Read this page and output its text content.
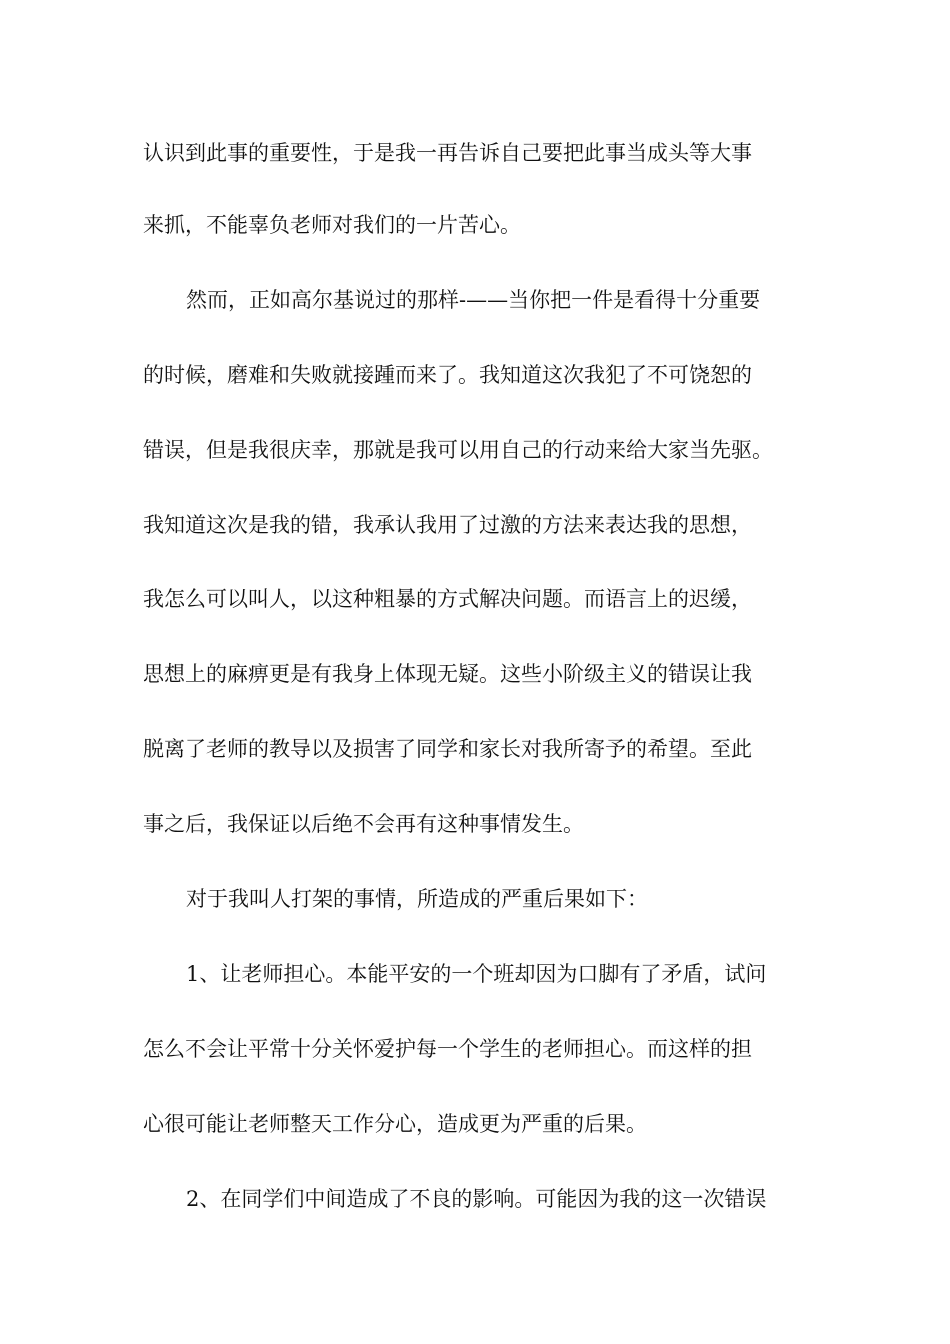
认识到此事的重要性，于是我一再告诉自己要把此事当成头等大事

来抓，不能辜负老师对我们的一片苦心。

然而，正如高尔基说过的那样-——当你把一件是看得十分重要

的时候，磨难和失败就接踵而来了。我知道这次我犯了不可饶恕的

错误，但是我很庆幸，那就是我可以用自己的行动来给大家当先驱。

我知道这次是我的错，我承认我用了过激的方法来表达我的思想，

我怎么可以叫人，以这种粗暴的方式解决问题。而语言上的迟缓，

思想上的麻痹更是有我身上体现无疑。这些小阶级主义的错误让我

脱离了老师的教导以及损害了同学和家长对我所寄予的希望。至此

事之后，我保证以后绝不会再有这种事情发生。

对于我叫人打架的事情，所造成的严重后果如下：

1、让老师担心。本能平安的一个班却因为口脚有了矛盾，试问

怎么不会让平常十分关怀爱护每一个学生的老师担心。而这样的担

心很可能让老师整天工作分心，造成更为严重的后果。

2、在同学们中间造成了不良的影响。可能因为我的这一次错误
